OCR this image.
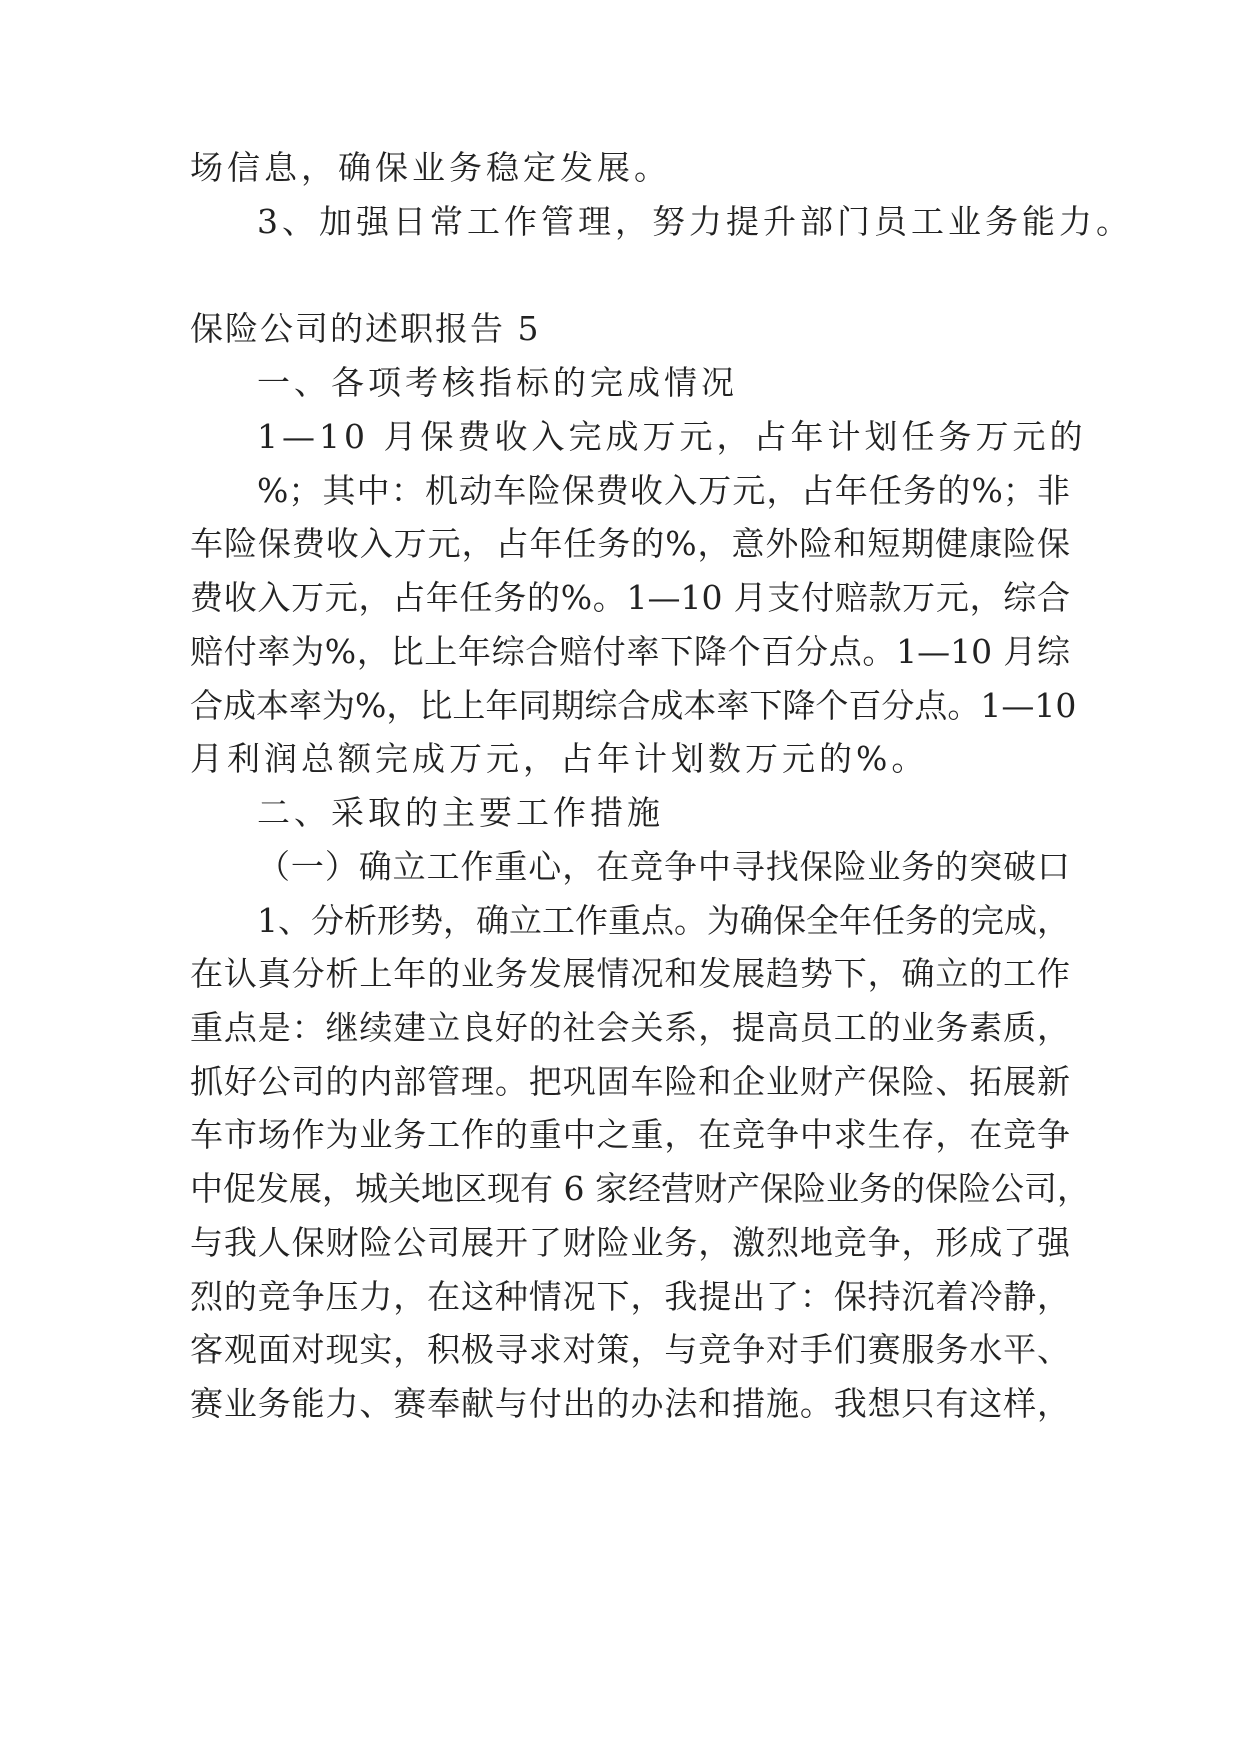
场信息，确保业务稳定发展。
3、加强日常工作管理，努力提升部门员工业务能力。
保险公司的述职报告 5
一、各项考核指标的完成情况
1—10 月保费收入完成万元，占年计划任务万元的
%；其中：机动车险保费收入万元，占年任务的%；非
车险保费收入万元，占年任务的%，意外险和短期健康险保
费收入万元，占年任务的%。1—10 月支付赔款万元，综合
赔付率为%，比上年综合赔付率下降个百分点。1—10 月综
合成本率为%，比上年同期综合成本率下降个百分点。1—10
月利润总额完成万元，占年计划数万元的%。
二、采取的主要工作措施
（一）确立工作重心，在竞争中寻找保险业务的突破口
1、分析形势，确立工作重点。为确保全年任务的完成，
在认真分析上年的业务发展情况和发展趋势下，确立的工作
重点是：继续建立良好的社会关系，提高员工的业务素质，
抓好公司的内部管理。把巩固车险和企业财产保险、拓展新
车市场作为业务工作的重中之重，在竞争中求生存，在竞争
中促发展，城关地区现有 6 家经营财产保险业务的保险公司，
与我人保财险公司展开了财险业务，激烈地竞争，形成了强
烈的竞争压力，在这种情况下，我提出了：保持沉着冷静，
客观面对现实，积极寻求对策，与竞争对手们赛服务水平、
赛业务能力、赛奉献与付出的办法和措施。我想只有这样，
